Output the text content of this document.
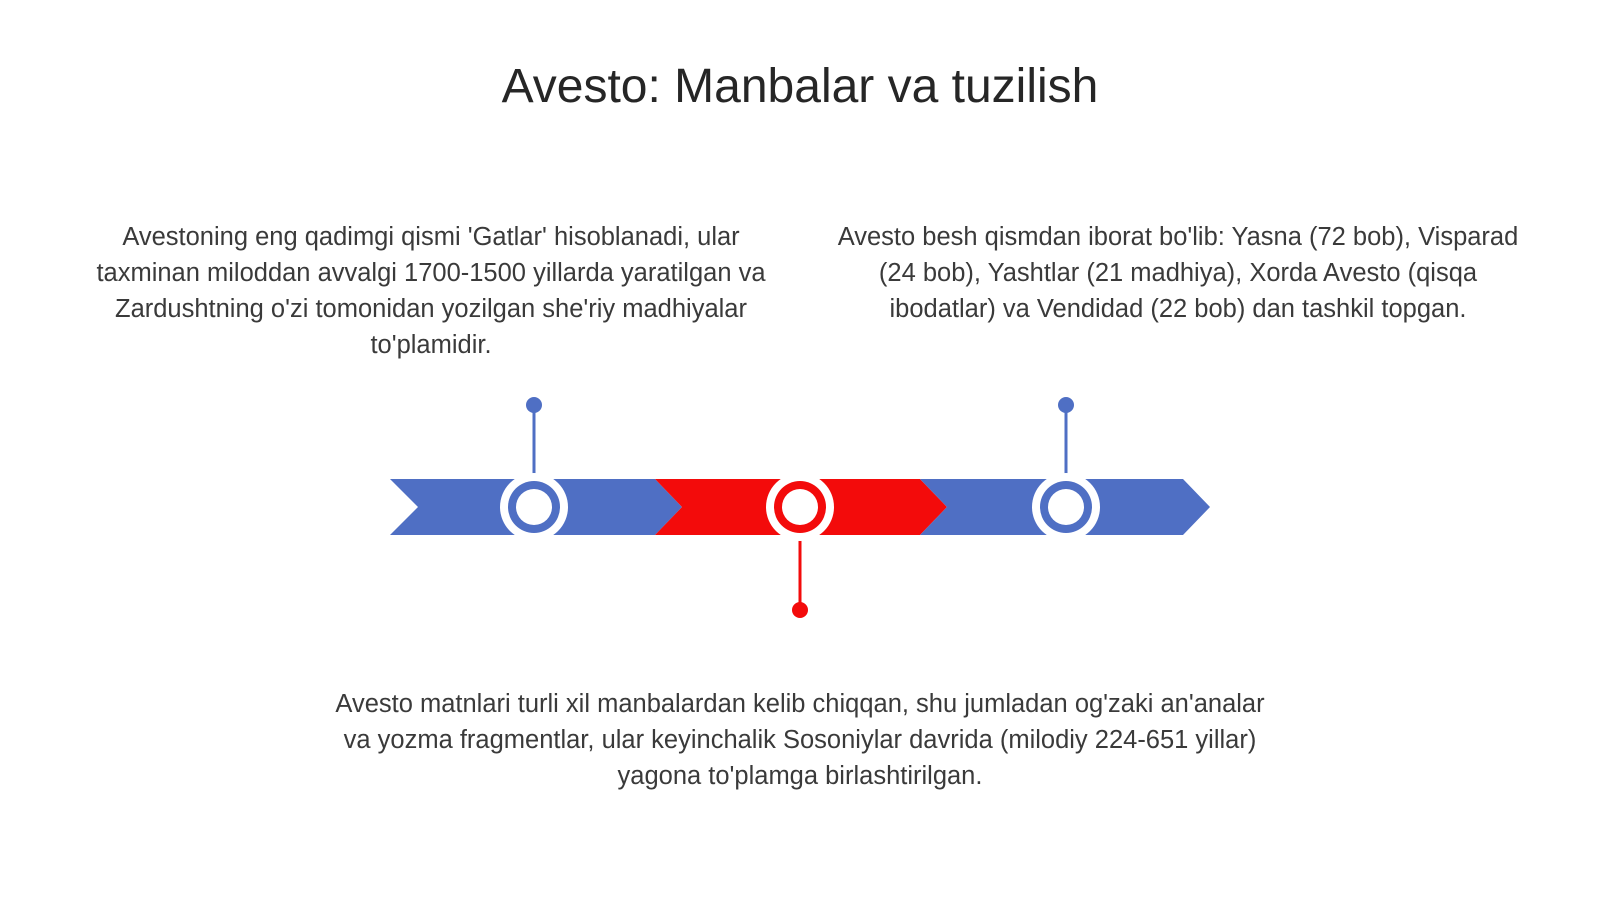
Avesto: Manbalar va tuzilish

Avestoning eng qadimgi qismi 'Gatlar' hisoblanadi, ular taxminan miloddan avvalgi 1700-1500 yillarda yaratilgan va Zardushtning o'zi tomonidan yozilgan she'riy madhiyalar to'plamidir.

Avesto besh qismdan iborat bo'lib: Yasna (72 bob), Visparad (24 bob), Yashtlar (21 madhiya), Xorda Avesto (qisqa ibodatlar) va Vendidad (22 bob) dan tashkil topgan.

Avesto matnlari turli xil manbalardan kelib chiqqan, shu jumladan og'zaki an'analar va yozma fragmentlar, ular keyinchalik Sosoniylar davrida (milodiy 224-651 yillar) yagona to'plamga birlashtirilgan.
